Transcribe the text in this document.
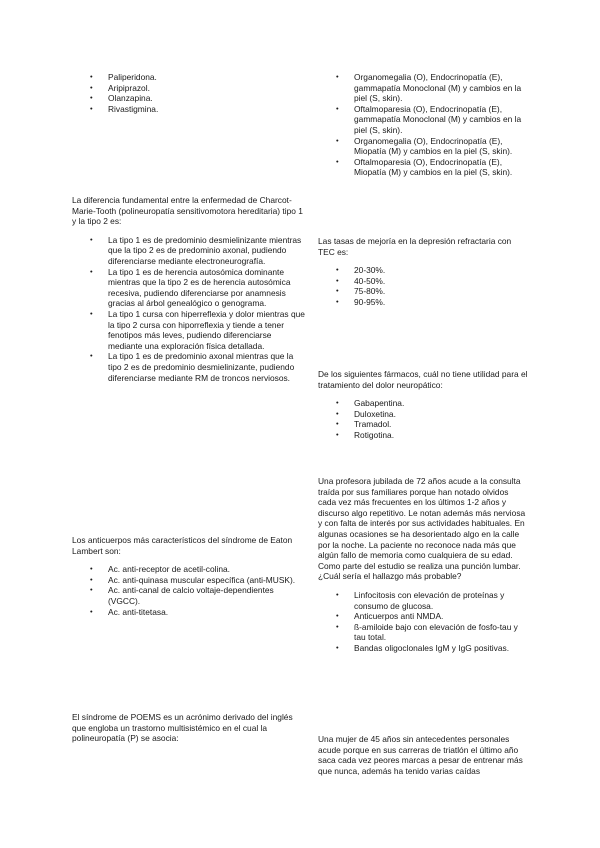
• Paliperidona.
• Aripiprazol.
• Olanzapina.
• Rivastigmina.

La diferencia fundamental entre la enfermedad de Charcot-Marie-Tooth (polineuropatía sensitivomotora hereditaria) tipo 1 y la tipo 2 es:

• La tipo 1 es de predominio desmielinizante mientras que la tipo 2 es de predominio axonal, pudiendo diferenciarse mediante electroneurografía.
• La tipo 1 es de herencia autosómica dominante mientras que la tipo 2 es de herencia autosómica recesiva, pudiendo diferenciarse por anamnesis gracias al árbol genealógico o genograma.
• La tipo 1 cursa con hiperreflexia y dolor mientras que la tipo 2 cursa con hiporreflexia y tiende a tener fenotipos más leves, pudiendo diferenciarse mediante una exploración física detallada.
• La tipo 1 es de predominio axonal mientras que la tipo 2 es de predominio desmielinizante, pudiendo diferenciarse mediante RM de troncos nerviosos.

Los anticuerpos más característicos del síndrome de Eaton Lambert son:

• Ac. anti-receptor de acetil-colina.
• Ac. anti-quinasa muscular específica (anti-MUSK).
• Ac. anti-canal de calcio voltaje-dependientes (VGCC).
• Ac. anti-titetasa.

El síndrome de POEMS es un acrónimo derivado del inglés que engloba un trastorno multisistémico en el cual la polineuropatía (P) se asocia:

• Organomegalia (O), Endocrinopatía (E), gammapatía Monoclonal (M) y cambios en la piel (S, skin).
• Oftalmoparesia (O), Endocrinopatía (E), gammapatía Monoclonal (M) y cambios en la piel (S, skin).
• Organomegalia (O), Endocrinopatía (E), Miopatía (M) y cambios en la piel (S, skin).
• Oftalmoparesia (O), Endocrinopatía (E), Miopatía (M) y cambios en la piel (S, skin).

Las tasas de mejoría en la depresión refractaria con TEC es:

• 20-30%.
• 40-50%.
• 75-80%.
• 90-95%.

De los siguientes fármacos, cuál no tiene utilidad para el tratamiento del dolor neuropático:

• Gabapentina.
• Duloxetina.
• Tramadol.
• Rotigotina.

Una profesora jubilada de 72 años acude a la consulta traída por sus familiares porque han notado olvidos cada vez más frecuentes en los últimos 1-2 años y discurso algo repetitivo. Le notan además más nerviosa y con falta de interés por sus actividades habituales. En algunas ocasiones se ha desorientado algo en la calle por la noche. La paciente no reconoce nada más que algún fallo de memoria como cualquiera de su edad. Como parte del estudio se realiza una punción lumbar. ¿Cuál sería el hallazgo más probable?

• Linfocitosis con elevación de proteínas y consumo de glucosa.
• Anticuerpos anti NMDA.
• ß-amiloide bajo con elevación de fosfo-tau y tau total.
• Bandas oligoclonales IgM y IgG positivas.

Una mujer de 45 años sin antecedentes personales acude porque en sus carreras de triatlón el último año saca cada vez peores marcas a pesar de entrenar más que nunca, además ha tenido varias caídas
